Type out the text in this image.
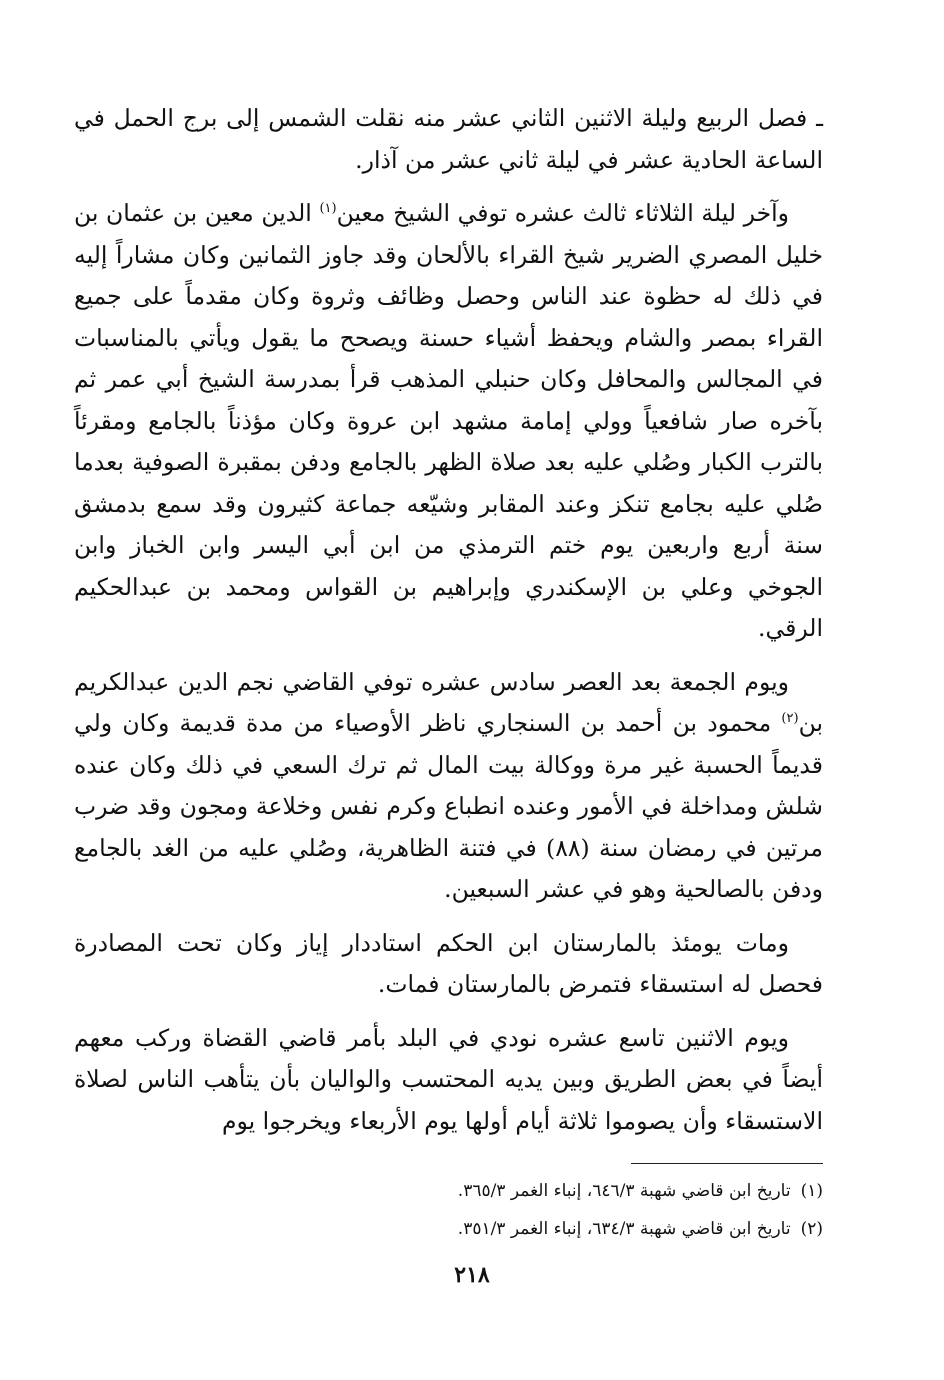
ـ فصل الربيع وليلة الاثنين الثاني عشر منه نقلت الشمس إلى برج الحمل في الساعة الحادية عشر في ليلة ثاني عشر من آذار.

وآخر ليلة الثلاثاء ثالث عشره توفي الشيخ معين$^{(١)}$ الدين معين بن عثمان بن خليل المصري الضرير شيخ القراء بالألحان وقد جاوز الثمانين وكان مشاراً إليه في ذلك له حظوة عند الناس وحصل وظائف وثروة وكان مقدماً على جميع القراء بمصر والشام ويحفظ أشياء حسنة ويصحح ما يقول ويأتي بالمناسبات في المجالس والمحافل وكان حنبلي المذهب قرأ بمدرسة الشيخ أبي عمر ثم بآخره صار شافعياً وولي إمامة مشهد ابن عروة وكان مؤذناً بالجامع ومقرئاً بالترب الكبار وصُلي عليه بعد صلاة الظهر بالجامع ودفن بمقبرة الصوفية بعدما صُلي عليه بجامع تنكز وعند المقابر وشيّعه جماعة كثيرون وقد سمع بدمشق سنة أربع واربعين يوم ختم الترمذي من ابن أبي اليسر وابن الخباز وابن الجوخي وعلي بن الإسكندري وإبراهيم بن القواس ومحمد بن عبدالحكيم الرقي.

ويوم الجمعة بعد العصر سادس عشره توفي القاضي نجم الدين عبدالكريم بن$^{(٢)}$ محمود بن أحمد بن السنجاري ناظر الأوصياء من مدة قديمة وكان ولي قديماً الحسبة غير مرة ووكالة بيت المال ثم ترك السعي في ذلك وكان عنده شلش ومداخلة في الأمور وعنده انطباع وكرم نفس وخلاعة ومجون وقد ضرب مرتين في رمضان سنة (٨٨) في فتنة الظاهرية، وصُلي عليه من الغد بالجامع ودفن بالصالحية وهو في عشر السبعين.

ومات يومئذ بالمارستان ابن الحكم استاددار إياز وكان تحت المصادرة فحصل له استسقاء فتمرض بالمارستان فمات.

ويوم الاثنين تاسع عشره نودي في البلد بأمر قاضي القضاة وركب معهم أيضاً في بعض الطريق وبين يديه المحتسب والواليان بأن يتأهب الناس لصلاة الاستسقاء وأن يصوموا ثلاثة أيام أولها يوم الأربعاء ويخرجوا يوم

(١)تاريخ ابن قاضي شهبة ٦٤٦/٣، إنباء الغمر ٣٦٥/٣.

(٢)تاريخ ابن قاضي شهبة ٦٣٤/٣، إنباء الغمر ٣٥١/٣.

٢١٨
